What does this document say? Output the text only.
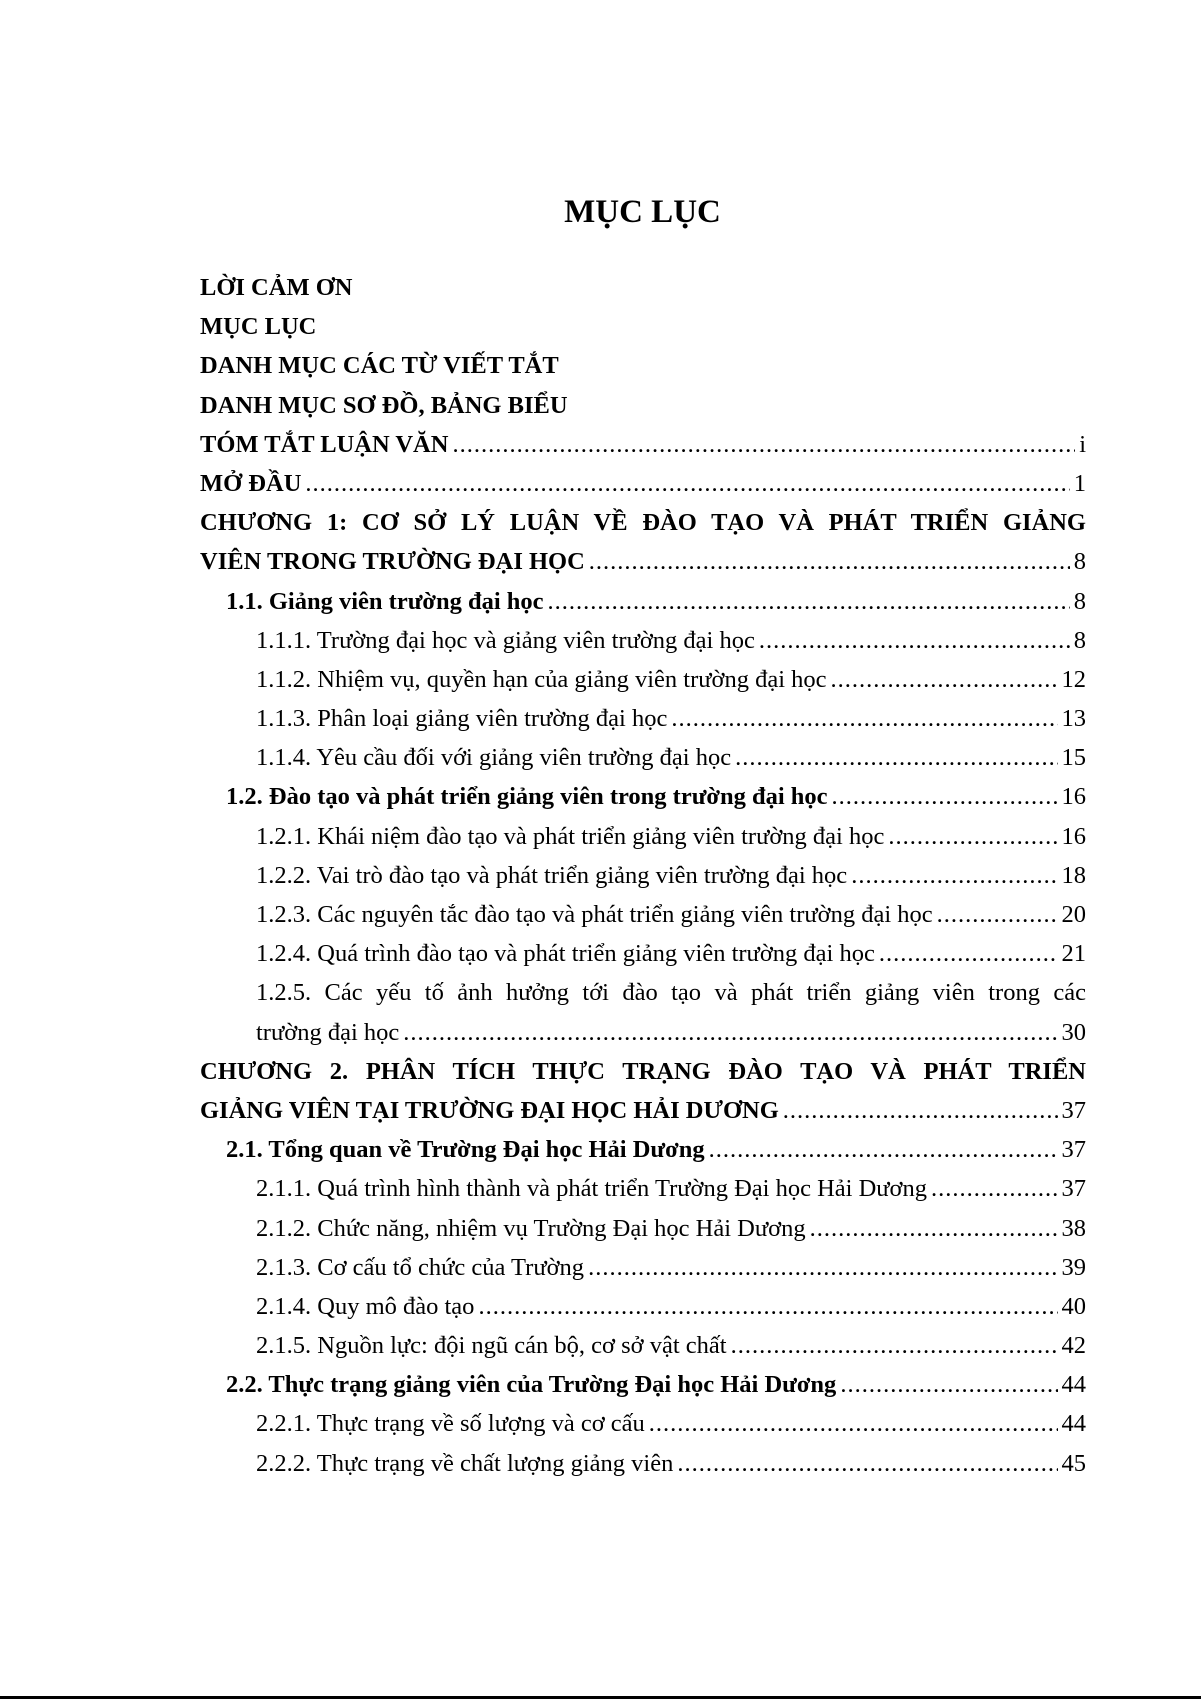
MỤC LỤC
LỜI CẢM ƠN
MỤC LỤC
DANH MỤC CÁC TỪ VIẾT TẮT
DANH MỤC SƠ ĐỒ, BẢNG BIỂU
TÓM TẮT LUẬN VĂN .....	i
MỞ ĐẦU .....	1
CHƯƠNG 1: CƠ SỞ LÝ LUẬN VỀ ĐÀO TẠO VÀ PHÁT TRIỂN GIẢNG
VIÊN TRONG TRƯỜNG ĐẠI HỌC .....	8
1.1. Giảng viên trường đại học .....	8
1.1.1. Trường đại học và giảng viên trường đại học .....	8
1.1.2. Nhiệm vụ, quyền hạn của giảng viên trường đại học .....	12
1.1.3. Phân loại giảng viên trường đại học .....	13
1.1.4. Yêu cầu đối với giảng viên trường đại học .....	15
1.2. Đào tạo và phát triển giảng viên trong trường đại học .....	16
1.2.1. Khái niệm đào tạo và phát triển giảng viên trường đại học .....	16
1.2.2. Vai trò đào tạo và phát triển giảng viên trường đại học .....	18
1.2.3. Các nguyên tắc đào tạo và phát triển giảng viên trường đại học .....	20
1.2.4. Quá trình đào tạo và phát triển giảng viên trường đại học .....	21
1.2.5. Các yếu tố ảnh hưởng tới đào tạo và phát triển giảng viên trong các
trường đại học .....	30
CHƯƠNG 2. PHÂN TÍCH THỰC TRẠNG ĐÀO TẠO VÀ PHÁT TRIỂN
GIẢNG VIÊN TẠI TRƯỜNG ĐẠI HỌC HẢI DƯƠNG .....	37
2.1. Tổng quan về Trường Đại học Hải Dương .....	37
2.1.1. Quá trình hình thành và phát triển Trường Đại học Hải Dương .....	37
2.1.2. Chức năng, nhiệm vụ Trường Đại học Hải Dương .....	38
2.1.3. Cơ cấu tổ chức của Trường .....	39
2.1.4. Quy mô đào tạo .....	40
2.1.5. Nguồn lực: đội ngũ cán bộ, cơ sở vật chất .....	42
2.2. Thực trạng giảng viên của Trường Đại học Hải Dương .....	44
2.2.1. Thực trạng về số lượng và cơ cấu .....	44
2.2.2. Thực trạng về chất lượng giảng viên .....	45
